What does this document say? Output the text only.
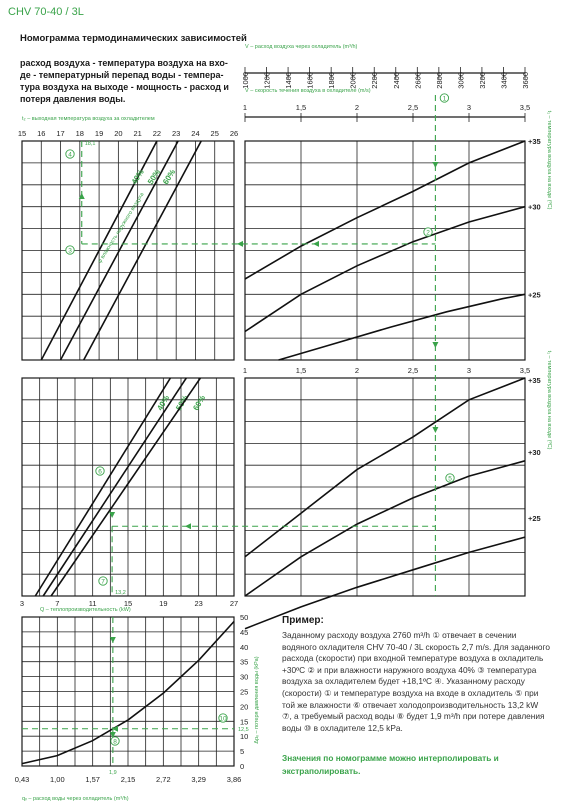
CHV 70-40 / 3L
Номограмма термодинамических зависимостей
расход воздуха - температура воздуха на вхо-де - температурный перепад воды - темпера-тура воздуха на выходе - мощность - расход и потеря давления воды.
V – расход воздуха через охладитель (m³/h)
1000 1200 1400 1600 1800 2000 2200 2400 2600 2800 3000 3200 3400 3600
V – скорость течения воздуха в охладителе (m/s)
1	1,5	2	2,5	3	3,5
t₂ – выходная температура воздуха за охладителем
15 16 17 18 19 20 21 22 23 24 25 26
40% 50% 60%
φ влажность наружного воздуха
+35
+30
+25
t₁ – температура воздуха на входе (ºC)
1	1,5	2	2,5	3	3,5
3	7	11	15	19	23	27
Q – теплопроизводительность (kW)
40% 50% 60%
+35
+30
+25
t₁ – температура воздуха на входе (ºC)
0,43	1,00	1,57	2,15	2,72	3,29	3,86
qᵥ – расход воды через охладитель (m³/h)
0
5
10
15
20
25
30
35
40
45
50
Δpᵥ – потеря давления воды (kPa)
18,1
13,2
1,9
12,5
1
2
3
4
5
6
7
8
10
Пример:
Заданному расходу воздуха 2760 m³/h ① отвечает в сечении водяного охладителя CHV 70-40 / 3L скорость 2,7 m/s. Для заданного расхода (скорости) при входной температуре воздуха в охладитель +30ºC ② и при влажности наружного воздуха 40% ③ температура воздуха за охладителем будет +18,1ºC ④. Указанному расходу (скорости) ① и температуре воздуха на входе в охладитель ⑤ при той же влажности ⑥ отвечает холодопроизводительность 13,2 kW ⑦, а требуемый расход воды ⑧ будет 1,9 m³/h при потере давления воды ⑩ в охладителе 12,5 kPa.
Значения по номограмме можно интерполировать и экстраполировать.
